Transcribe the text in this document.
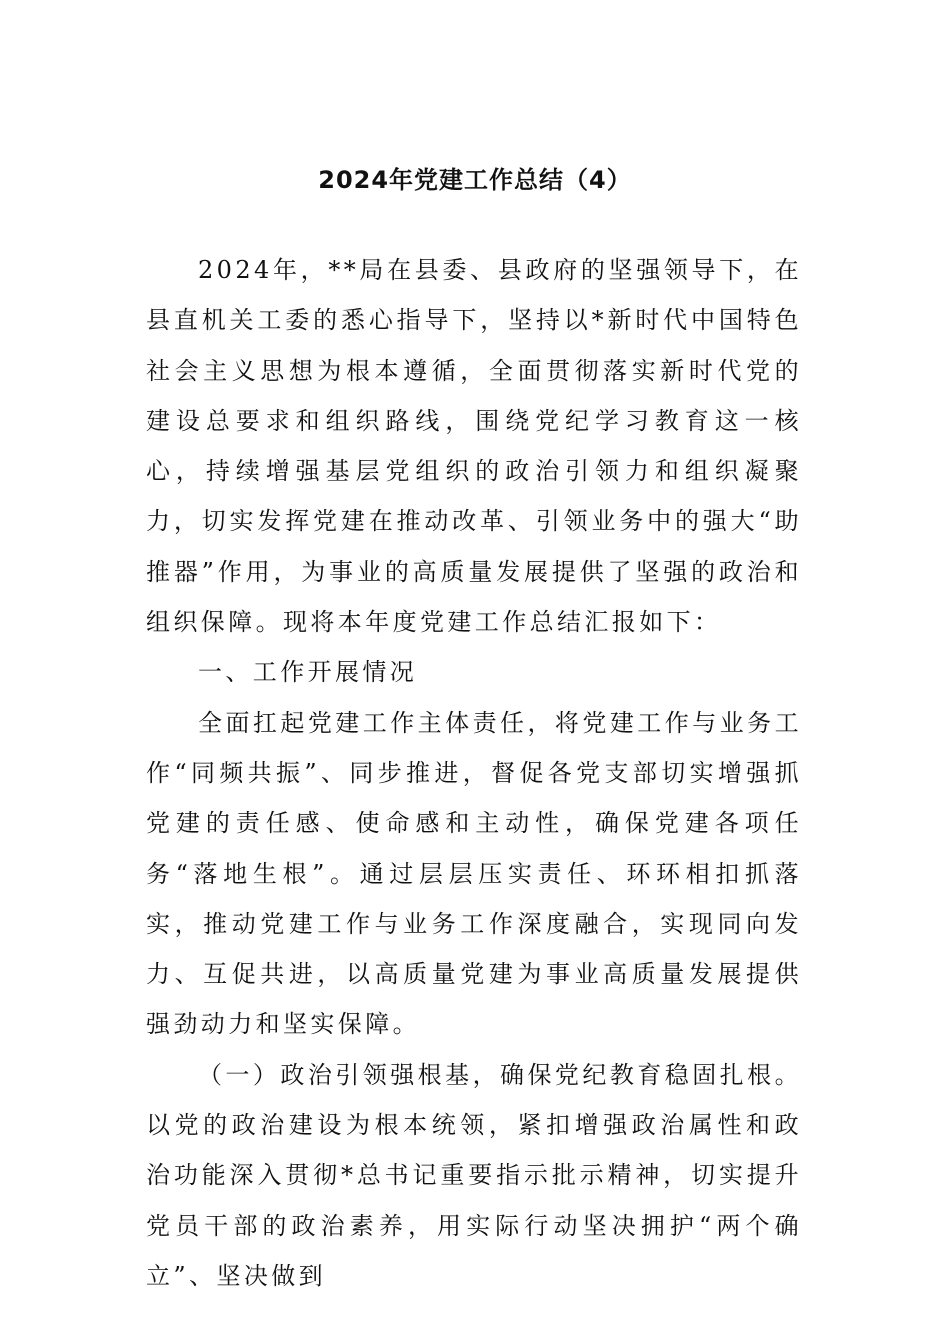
2024年党建工作总结（4）

2024年，**局在县委、县政府的坚强领导下，在县直机关工委的悉心指导下，坚持以*新时代中国特色社会主义思想为根本遵循，全面贯彻落实新时代党的建设总要求和组织路线，围绕党纪学习教育这一核心，持续增强基层党组织的政治引领力和组织凝聚力，切实发挥党建在推动改革、引领业务中的强大“助推器”作用，为事业的高质量发展提供了坚强的政治和组织保障。现将本年度党建工作总结汇报如下：

一、工作开展情况

全面扛起党建工作主体责任，将党建工作与业务工作“同频共振”、同步推进，督促各党支部切实增强抓党建的责任感、使命感和主动性，确保党建各项任务“落地生根”。通过层层压实责任、环环相扣抓落实，推动党建工作与业务工作深度融合，实现同向发力、互促共进，以高质量党建为事业高质量发展提供强劲动力和坚实保障。

（一）政治引领强根基，确保党纪教育稳固扎根。以党的政治建设为根本统领，紧扣增强政治属性和政治功能深入贯彻*总书记重要指示批示精神，切实提升党员干部的政治素养，用实际行动坚决拥护“两个确立”、坚决做到
